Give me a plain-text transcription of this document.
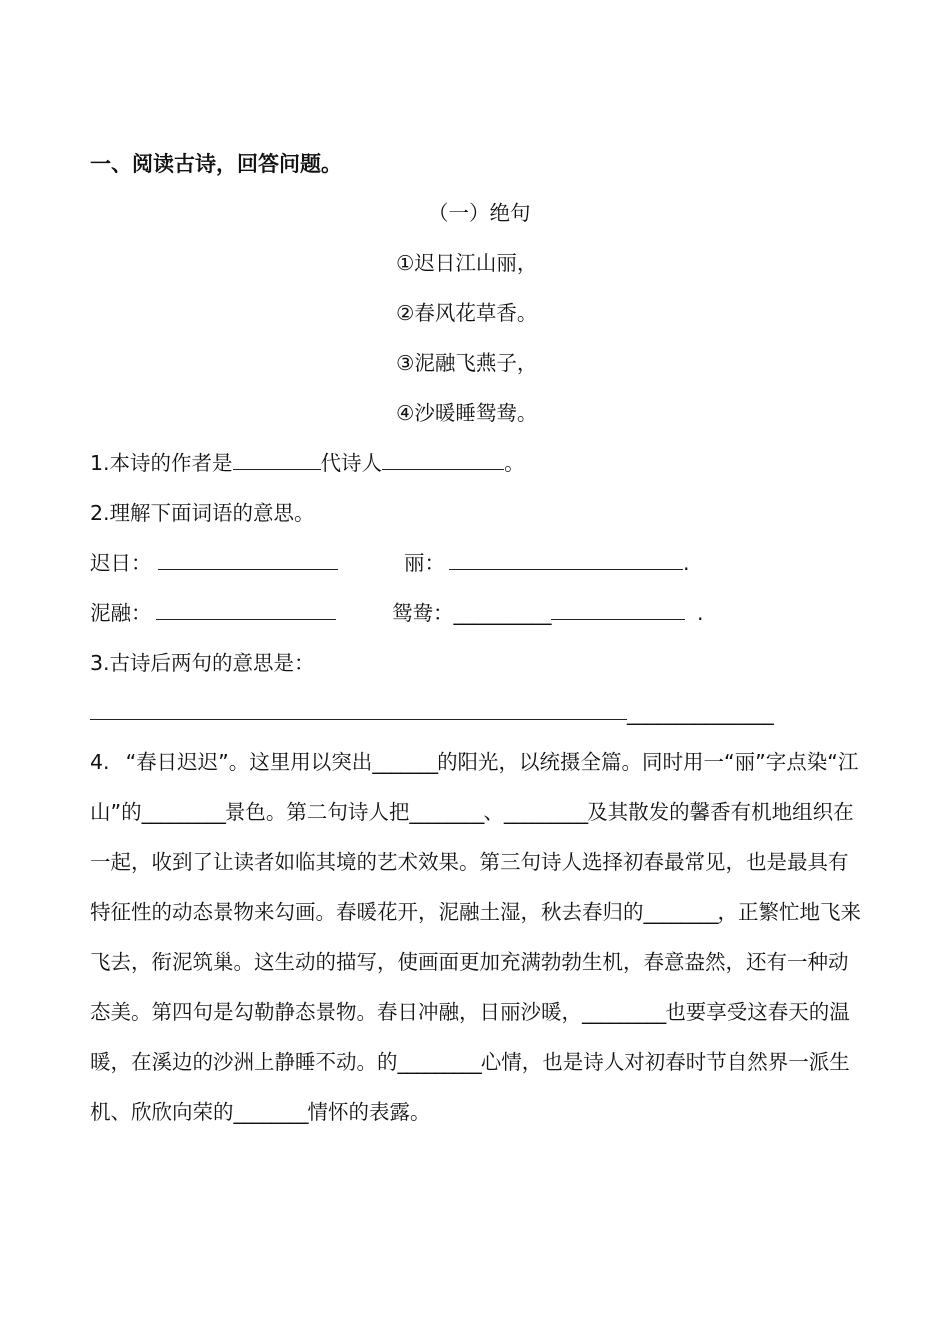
一、阅读古诗，回答问题。
（一）绝句
①迟日江山丽，
②春风花草香。
③泥融飞燕子，
④沙暖睡鸳鸯。
1.本诗的作者是	代诗人	。
2.理解下面词语的意思。
迟日：	丽：	.
泥融：	鸳鸯：__________	.
3.古诗后两句的意思是：
_______________
4. “春日迟迟”。这里用以突出_______的阳光，以统摄全篇。同时用一“丽”字点染“江山”的_________景色。第二句诗人把________、_________及其散发的馨香有机地组织在一起，收到了让读者如临其境的艺术效果。第三句诗人选择初春最常见，也是最具有特征性的动态景物来勾画。春暖花开，泥融土湿，秋去春归的________，正繁忙地飞来飞去，衔泥筑巢。这生动的描写，使画面更加充满勃勃生机，春意盎然，还有一种动态美。第四句是勾勒静态景物。春日冲融，日丽沙暖，_________也要享受这春天的温暖，在溪边的沙洲上静睡不动。的_________心情，也是诗人对初春时节自然界一派生机、欣欣向荣的________情怀的表露。
